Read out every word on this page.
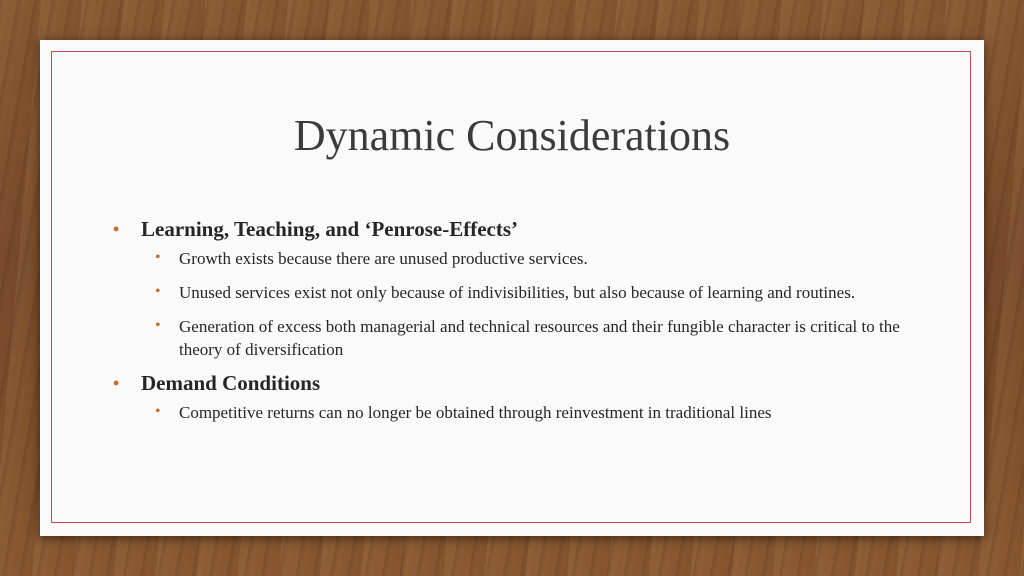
Dynamic Considerations
• Learning, Teaching, and ‘Penrose-Effects’
• Growth exists because there are unused productive services.
• Unused services exist not only because of indivisibilities, but also because of learning and routines.
• Generation of excess both managerial and technical resources and their fungible character is critical to the theory of diversification
• Demand Conditions
• Competitive returns can no longer be obtained through reinvestment in traditional lines
